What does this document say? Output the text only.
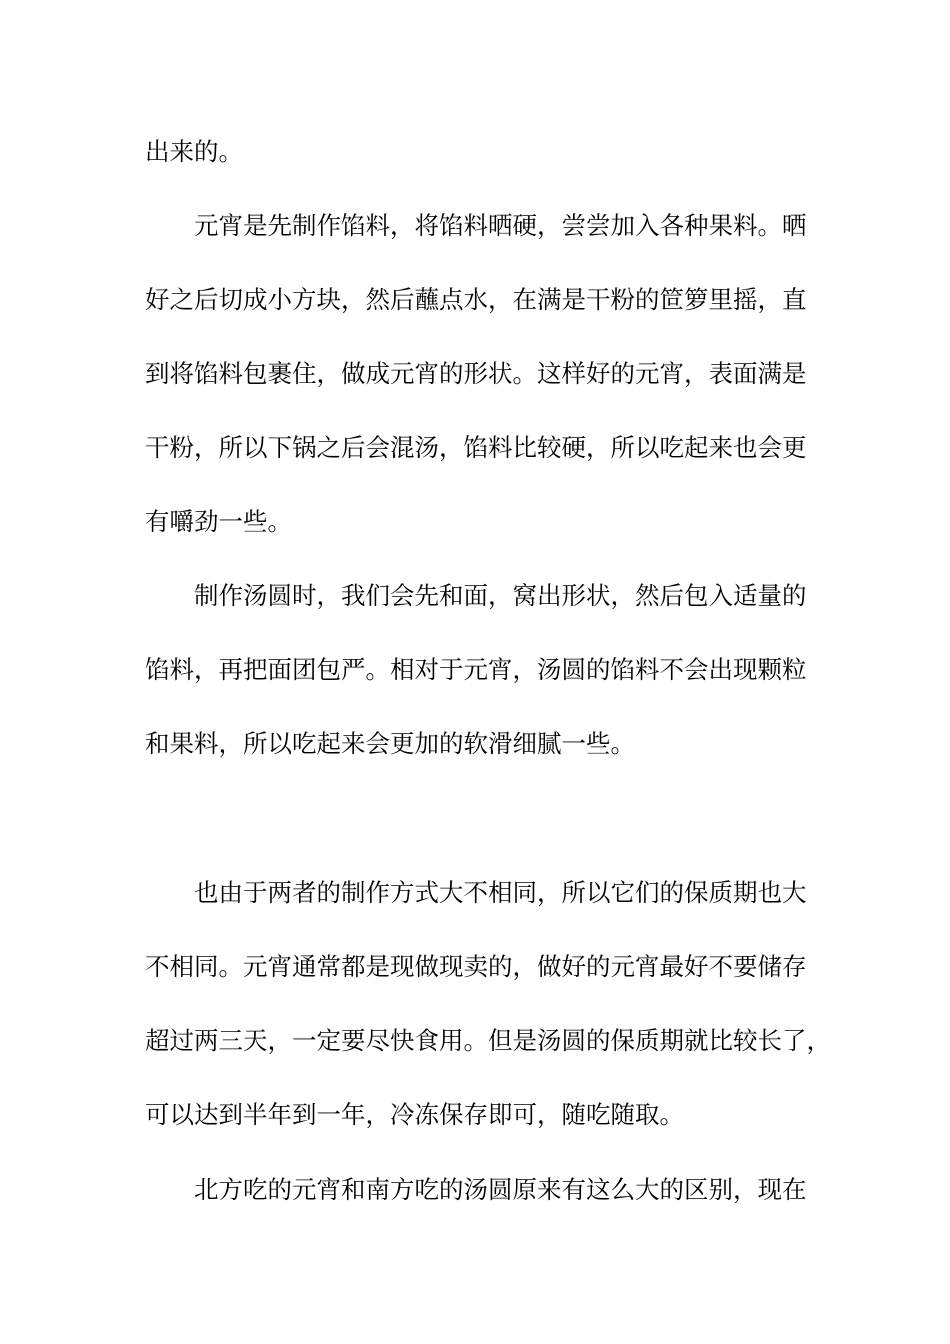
出来的。
元宵是先制作馅料，将馅料晒硬，尝尝加入各种果料。晒
好之后切成小方块，然后蘸点水，在满是干粉的笸箩里摇，直
到将馅料包裹住，做成元宵的形状。这样好的元宵，表面满是
干粉，所以下锅之后会混汤，馅料比较硬，所以吃起来也会更
有嚼劲一些。
制作汤圆时，我们会先和面，窝出形状，然后包入适量的
馅料，再把面团包严。相对于元宵，汤圆的馅料不会出现颗粒
和果料，所以吃起来会更加的软滑细腻一些。
也由于两者的制作方式大不相同，所以它们的保质期也大
不相同。元宵通常都是现做现卖的，做好的元宵最好不要储存
超过两三天，一定要尽快食用。但是汤圆的保质期就比较长了，
可以达到半年到一年，冷冻保存即可，随吃随取。
北方吃的元宵和南方吃的汤圆原来有这么大的区别，现在
